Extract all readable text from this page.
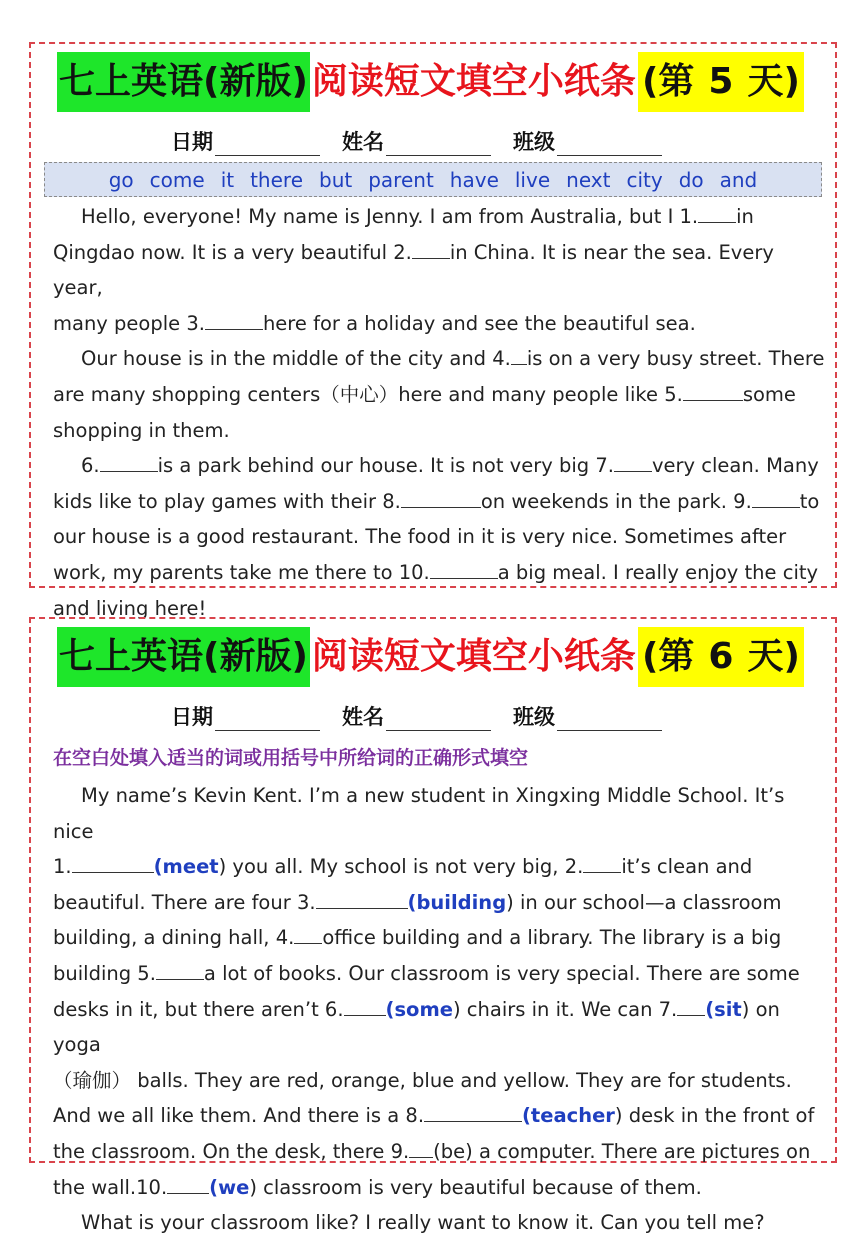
七上英语(新版) 阅读短文填空小纸条 (第 5 天)
日期	姓名	班级
go come it there but parent have live next city do and

Hello, everyone! My name is Jenny. I am from Australia, but I 1. in

Qingdao now. It is a very beautiful 2. in China. It is near the sea. Every year,

many people 3.	here for a holiday and see the beautiful sea.

Our house is in the middle of the city and 4. is on a very busy street. There

are many shopping centers（中心）here and many people like 5.	some

shopping in them.

6.	is a park behind our house. It is not very big 7. very clean. Many

kids like to play games with their 8.	on weekends in the park. 9. to

our house is a good restaurant. The food in it is very nice. Sometimes after

work, my parents take me there to 10.	a big meal. I really enjoy the city

and living here!

七上英语(新版) 阅读短文填空小纸条 (第 6 天)
日期	姓名	班级
在空白处填入适当的词或用括号中所给词的正确形式填空

My name’s Kevin Kent. I’m a new student in Xingxing Middle School. It’s nice

1.	(meet) you all. My school is not very big, 2. it’s clean and

beautiful. There are four 3.	(building) in our school—a classroom

building, a dining hall, 4. office building and a library. The library is a big

building 5. a lot of books. Our classroom is very special. There are some

desks in it, but there aren’t 6. (some) chairs in it. We can 7. (sit) on yoga

（瑜伽） balls. They are red, orange, blue and yellow. They are for students.

And we all like them. And there is a 8.	(teacher) desk in the front of

the classroom. On the desk, there 9. (be) a computer. There are pictures on

the wall.10. (we) classroom is very beautiful because of them.

What is your classroom like? I really want to know it. Can you tell me?
